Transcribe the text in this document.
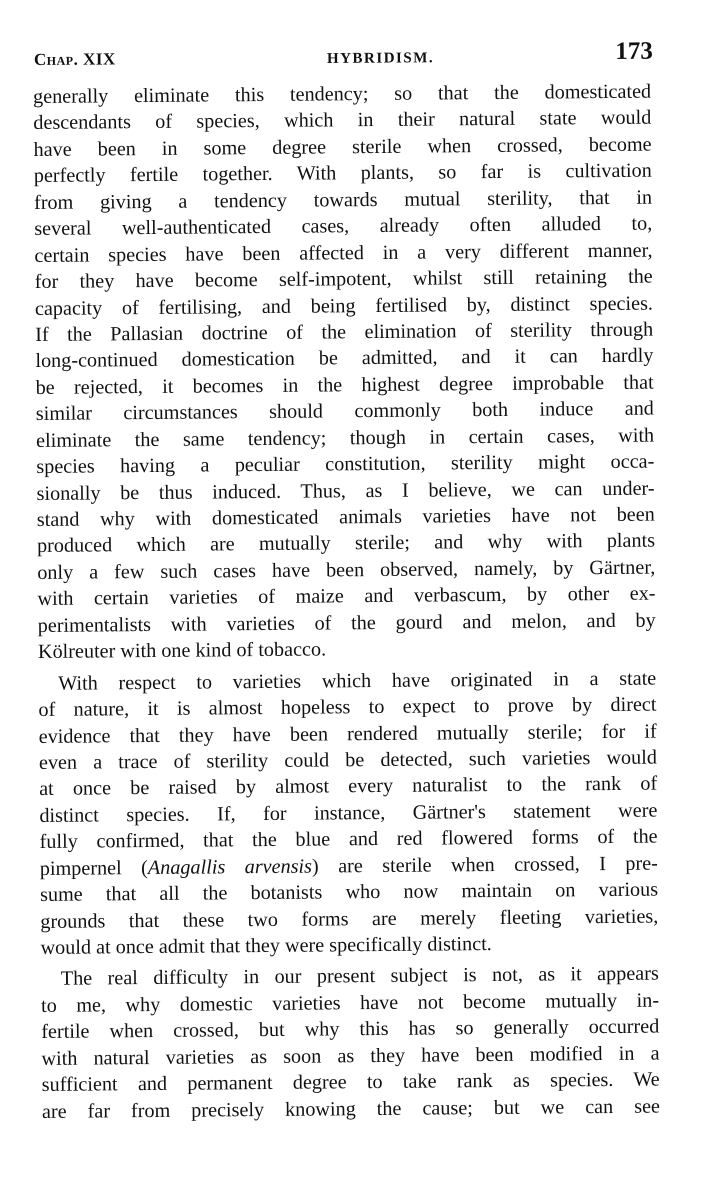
Chap. XIX	HYBRIDISM.	173
generally eliminate this tendency; so that the domesticated
descendants of species, which in their natural state would
have been in some degree sterile when crossed, become
perfectly fertile together. With plants, so far is cultivation
from giving a tendency towards mutual sterility, that in
several well-authenticated cases, already often alluded to,
certain species have been affected in a very different manner,
for they have become self-impotent, whilst still retaining the
capacity of fertilising, and being fertilised by, distinct species.
If the Pallasian doctrine of the elimination of sterility through
long-continued domestication be admitted, and it can hardly
be rejected, it becomes in the highest degree improbable that
similar circumstances should commonly both induce and
eliminate the same tendency; though in certain cases, with
species having a peculiar constitution, sterility might occa-
sionally be thus induced. Thus, as I believe, we can under-
stand why with domesticated animals varieties have not been
produced which are mutually sterile; and why with plants
only a few such cases have been observed, namely, by Gärtner,
with certain varieties of maize and verbascum, by other ex-
perimentalists with varieties of the gourd and melon, and by
Kölreuter with one kind of tobacco.
With respect to varieties which have originated in a state
of nature, it is almost hopeless to expect to prove by direct
evidence that they have been rendered mutually sterile; for if
even a trace of sterility could be detected, such varieties would
at once be raised by almost every naturalist to the rank of
distinct species. If, for instance, Gärtner's statement were
fully confirmed, that the blue and red flowered forms of the
pimpernel (Anagallis arvensis) are sterile when crossed, I pre-
sume that all the botanists who now maintain on various
grounds that these two forms are merely fleeting varieties,
would at once admit that they were specifically distinct.
The real difficulty in our present subject is not, as it appears
to me, why domestic varieties have not become mutually in-
fertile when crossed, but why this has so generally occurred
with natural varieties as soon as they have been modified in a
sufficient and permanent degree to take rank as species. We
are far from precisely knowing the cause; but we can see
